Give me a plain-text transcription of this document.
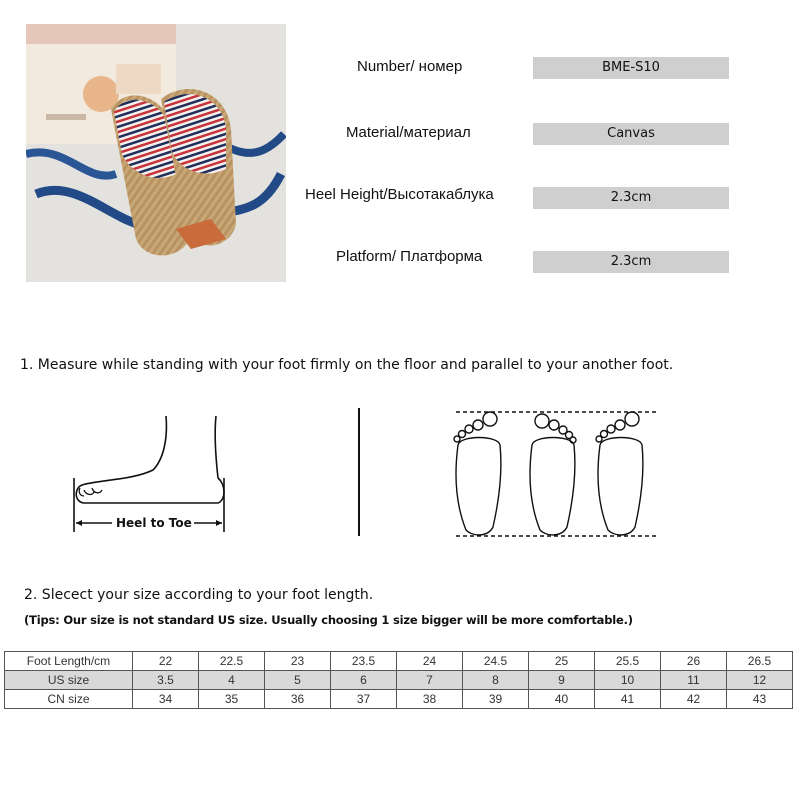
Number/ номер	BME-S10
Material/материал	Canvas
Heel Height/Высотакаблука	2.3cm
Platform/ Платформа	2.3cm
1. Measure while standing with your foot firmly on the floor and parallel to your another foot.
Heel to Toe
2. Slecect your size according to your foot length.
(Tips: Our size is not standard US size. Usually choosing 1 size bigger will be more comfortable.)
Foot Length/cm	22	22.5	23	23.5	24	24.5	25	25.5	26	26.5
US size	3.5	4	5	6	7	8	9	10	11	12
CN size	34	35	36	37	38	39	40	41	42	43
